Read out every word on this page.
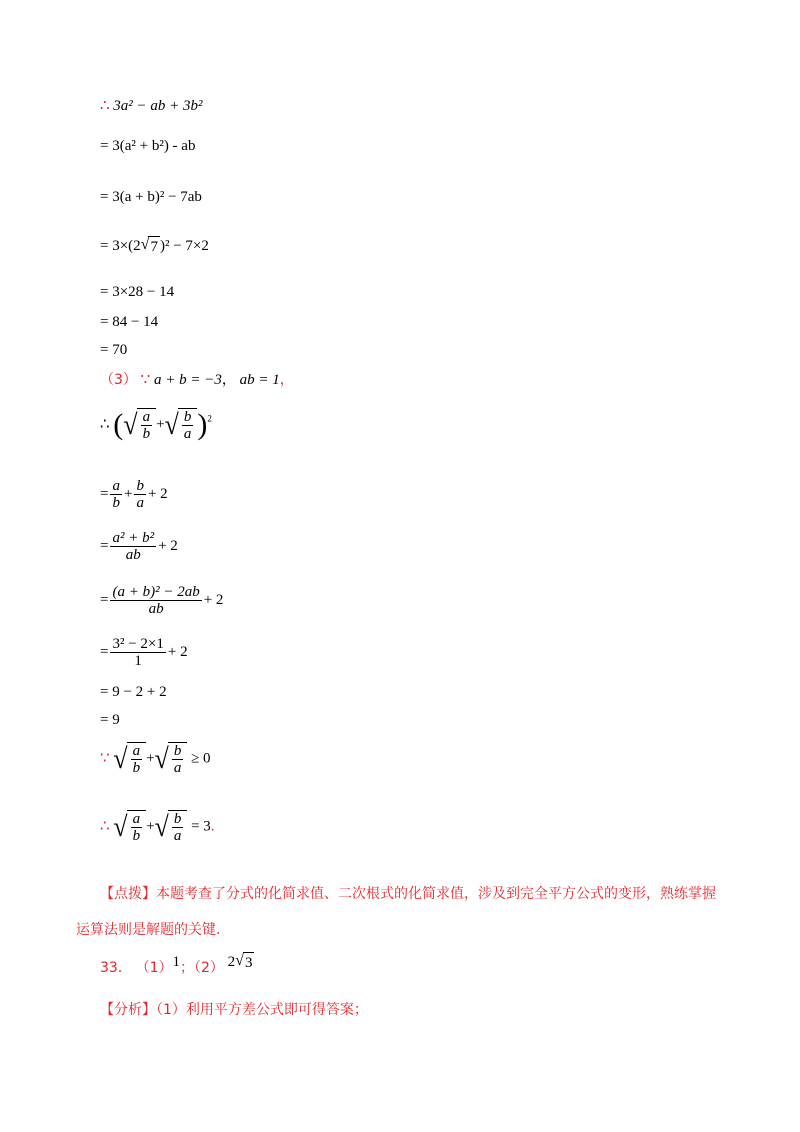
∴ 3a² − ab + 3b²
= 3(a² + b²) - ab
= 3(a + b)² − 7ab
= 3×(2 √ 7 )² − 7×2
= 3×28 − 14
= 84 − 14
= 70
（3） ∵ a + b = −3， ab = 1，
∴ ( √ $\frac{a}{b}$ + √ $\frac{b}{a} )^2$
= $\frac{a}{b} + \frac{b}{a} + 2$
= $\frac{\text{a² + b²}}{ab} + 2$
= $\frac{\text{(a + b)² − 2ab}}{ab} + 2$
= $\frac{\text{3² − 2×1}}{1} + 2$
= 9 − 2 + 2
= 9
∵ √ $\frac{a}{b}$ + √ $\frac{b}{a} \ge 0$
∴ √ $\frac{a}{b}$ + √ $\frac{b}{a} = 3$.
【点拨】本题考查了分式的化简求值、二次根式的化简求值，涉及到完全平方公式的变形，熟练掌握运算法则是解题的关键.
33． （1）1；（2） 2 √ 3
【分析】（1）利用平方差公式即可得答案；
